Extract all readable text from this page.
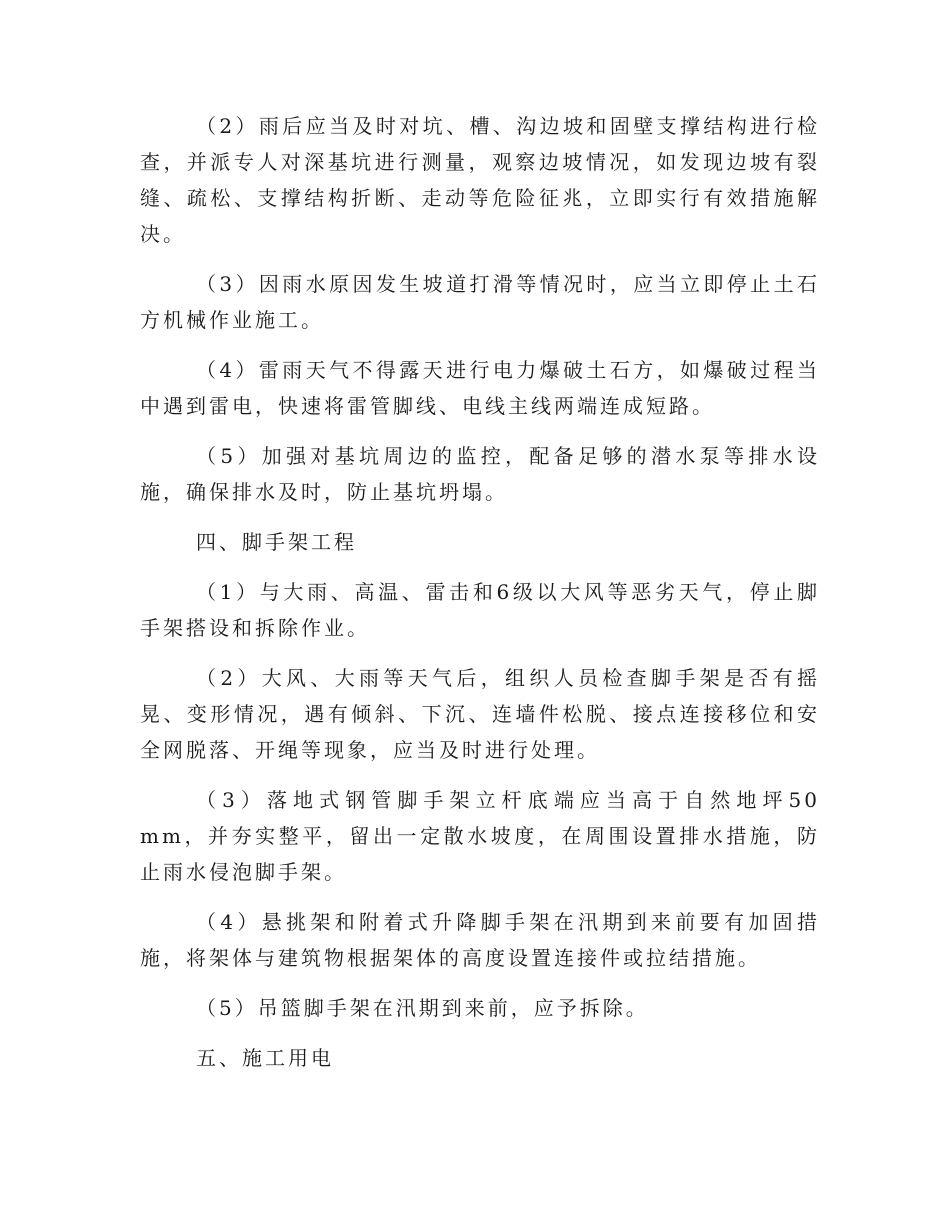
（2）雨后应当及时对坑、槽、沟边坡和固壁支撑结构进行检查，并派专人对深基坑进行测量，观察边坡情况，如发现边坡有裂缝、疏松、支撑结构折断、走动等危险征兆，立即实行有效措施解决。

（3）因雨水原因发生坡道打滑等情况时，应当立即停止土石方机械作业施工。

（4）雷雨天气不得露天进行电力爆破土石方，如爆破过程当中遇到雷电，快速将雷管脚线、电线主线两端连成短路。

（5）加强对基坑周边的监控，配备足够的潜水泵等排水设施，确保排水及时，防止基坑坍塌。

四、脚手架工程

（1）与大雨、高温、雷击和6级以大风等恶劣天气，停止脚手架搭设和拆除作业。

（2）大风、大雨等天气后，组织人员检查脚手架是否有摇晃、变形情况，遇有倾斜、下沉、连墙件松脱、接点连接移位和安全网脱落、开绳等现象，应当及时进行处理。

（3）落地式钢管脚手架立杆底端应当高于自然地坪50 mm，并夯实整平，留出一定散水坡度，在周围设置排水措施，防止雨水侵泡脚手架。

（4）悬挑架和附着式升降脚手架在汛期到来前要有加固措施，将架体与建筑物根据架体的高度设置连接件或拉结措施。

（5）吊篮脚手架在汛期到来前，应予拆除。

五、施工用电
